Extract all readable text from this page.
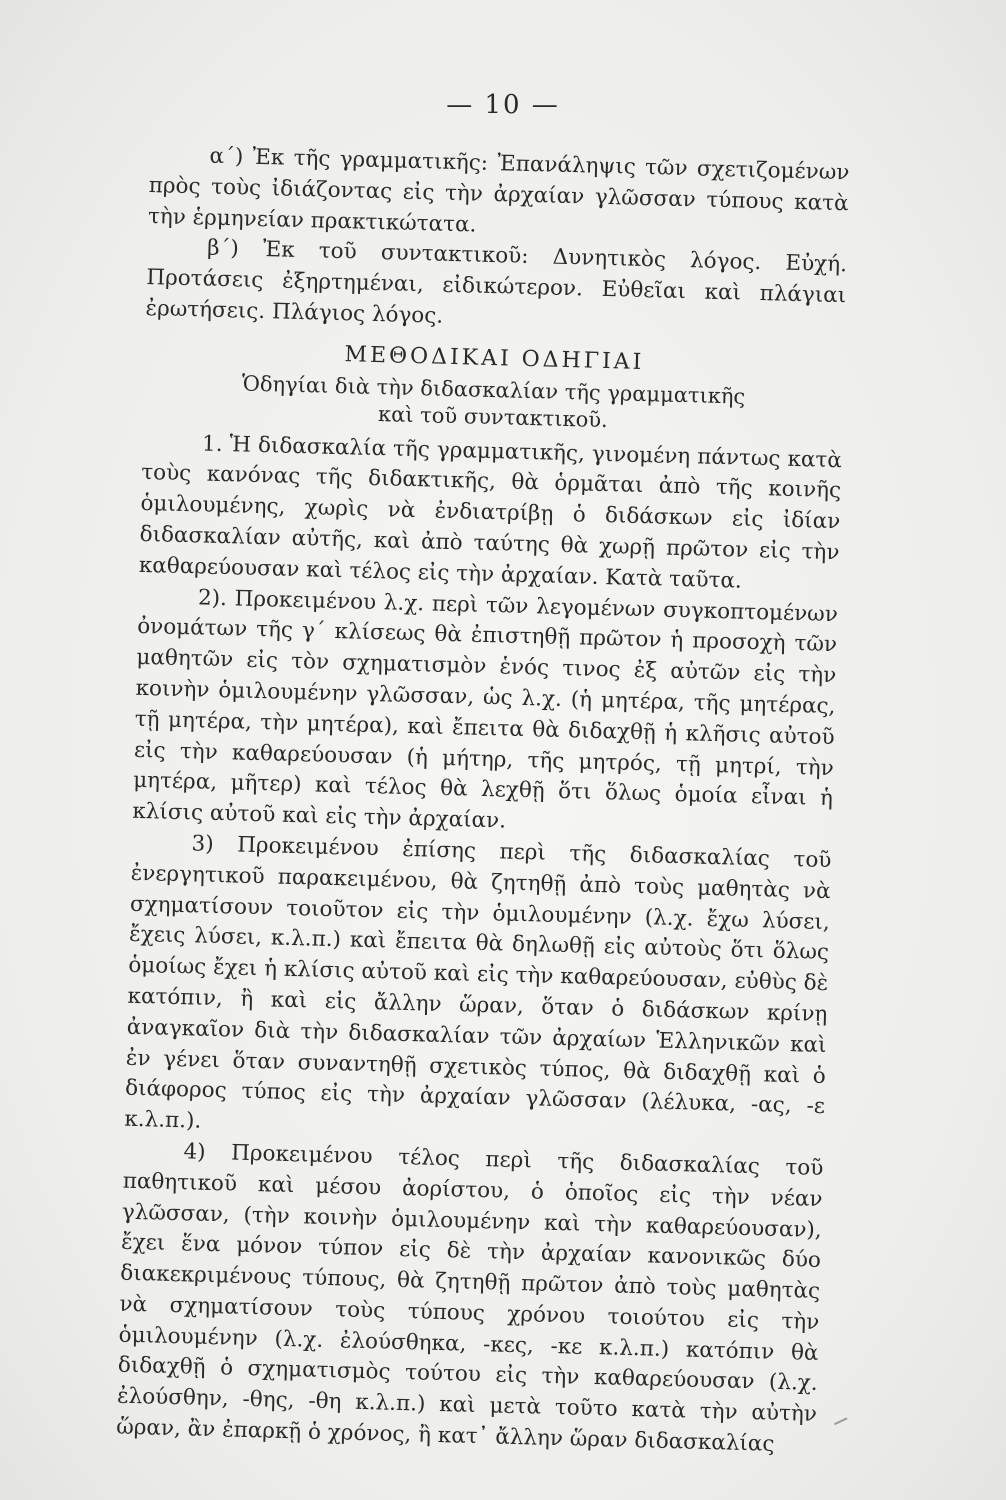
— 10 —

α΄) Ἐκ τῆς γραμματικῆς: Ἐπανάληψις τῶν σχετιζομένων πρὸς τοὺς ἰδιάζοντας εἰς τὴν ἀρχαίαν γλῶσσαν τύπους κατὰ τὴν ἑρμηνείαν πρακτικώτατα.

β΄) Ἐκ τοῦ συντακτικοῦ: Δυνητικὸς λόγος. Εὐχή. Προτάσεις ἐξηρτημέναι, εἰδικώτερον. Εὐθεῖαι καὶ πλάγιαι ἐρωτήσεις. Πλάγιος λόγος.

ΜΕΘΟΔΙΚΑΙ ΟΔΗΓΙΑΙ
Ὁδηγίαι διὰ τὴν διδασκαλίαν τῆς γραμματικῆς
καὶ τοῦ συντακτικοῦ.

1. Ἡ διδασκαλία τῆς γραμματικῆς, γινομένη πάντως κατὰ τοὺς κανόνας τῆς διδακτικῆς, θὰ ὁρμᾶται ἀπὸ τῆς κοινῆς ὁμιλουμένης, χωρὶς νὰ ἐνδιατρίβῃ ὁ διδάσκων εἰς ἰδίαν διδασκαλίαν αὐτῆς, καὶ ἀπὸ ταύτης θὰ χωρῇ πρῶτον εἰς τὴν καθαρεύουσαν καὶ τέλος εἰς τὴν ἀρχαίαν. Κατὰ ταῦτα.

2). Προκειμένου λ.χ. περὶ τῶν λεγομένων συγκοπτομένων ὀνομάτων τῆς γ΄ κλίσεως θὰ ἐπιστηθῇ πρῶτον ἡ προσοχὴ τῶν μαθητῶν εἰς τὸν σχηματισμὸν ἑνός τινος ἐξ αὐτῶν εἰς τὴν κοινὴν ὁμιλουμένην γλῶσσαν, ὡς λ.χ. (ἡ μητέρα, τῆς μητέρας, τῇ μητέρα, τὴν μητέρα), καὶ ἔπειτα θὰ διδαχθῇ ἡ κλῆσις αὐτοῦ εἰς τὴν καθαρεύουσαν (ἡ μήτηρ, τῆς μητρός, τῇ μητρί, τὴν μητέρα, μῆτερ) καὶ τέλος θὰ λεχθῇ ὅτι ὅλως ὁμοία εἶναι ἡ κλίσις αὐτοῦ καὶ εἰς τὴν ἀρχαίαν.

3) Προκειμένου ἐπίσης περὶ τῆς διδασκαλίας τοῦ ἐνεργητικοῦ παρακειμένου, θὰ ζητηθῇ ἀπὸ τοὺς μαθητὰς νὰ σχηματίσουν τοιοῦτον εἰς τὴν ὁμιλουμένην (λ.χ. ἔχω λύσει, ἔχεις λύσει, κ.λ.π.) καὶ ἔπειτα θὰ δηλωθῇ εἰς αὐτοὺς ὅτι ὅλως ὁμοίως ἔχει ἡ κλίσις αὐτοῦ καὶ εἰς τὴν καθαρεύουσαν, εὐθὺς δὲ κατόπιν, ἢ καὶ εἰς ἄλλην ὥραν, ὅταν ὁ διδάσκων κρίνῃ ἀναγκαῖον διὰ τὴν διδασκαλίαν τῶν ἀρχαίων Ἑλληνικῶν καὶ ἐν γένει ὅταν συναντηθῇ σχετικὸς τύπος, θὰ διδαχθῇ καὶ ὁ διάφορος τύπος εἰς τὴν ἀρχαίαν γλῶσσαν (λέλυκα, -ας, -ε κ.λ.π.).

4) Προκειμένου τέλος περὶ τῆς διδασκαλίας τοῦ παθητικοῦ καὶ μέσου ἀορίστου, ὁ ὁποῖος εἰς τὴν νέαν γλῶσσαν, (τὴν κοινὴν ὁμιλουμένην καὶ τὴν καθαρεύουσαν), ἔχει ἕνα μόνον τύπον εἰς δὲ τὴν ἀρχαίαν κανονικῶς δύο διακεκριμένους τύπους, θὰ ζητηθῇ πρῶτον ἀπὸ τοὺς μαθητὰς νὰ σχηματίσουν τοὺς τύπους χρόνου τοιούτου εἰς τὴν ὁμιλουμένην (λ.χ. ἐλούσθηκα, -κες, -κε κ.λ.π.) κατόπιν θὰ διδαχθῇ ὁ σχηματισμὸς τούτου εἰς τὴν καθαρεύουσαν (λ.χ. ἐλούσθην, -θης, -θη κ.λ.π.) καὶ μετὰ τοῦτο κατὰ τὴν αὐτὴν ὥραν, ἂν ἐπαρκῇ ὁ χρόνος, ἢ κατ᾿ ἄλλην ὥραν διδασκαλίας
